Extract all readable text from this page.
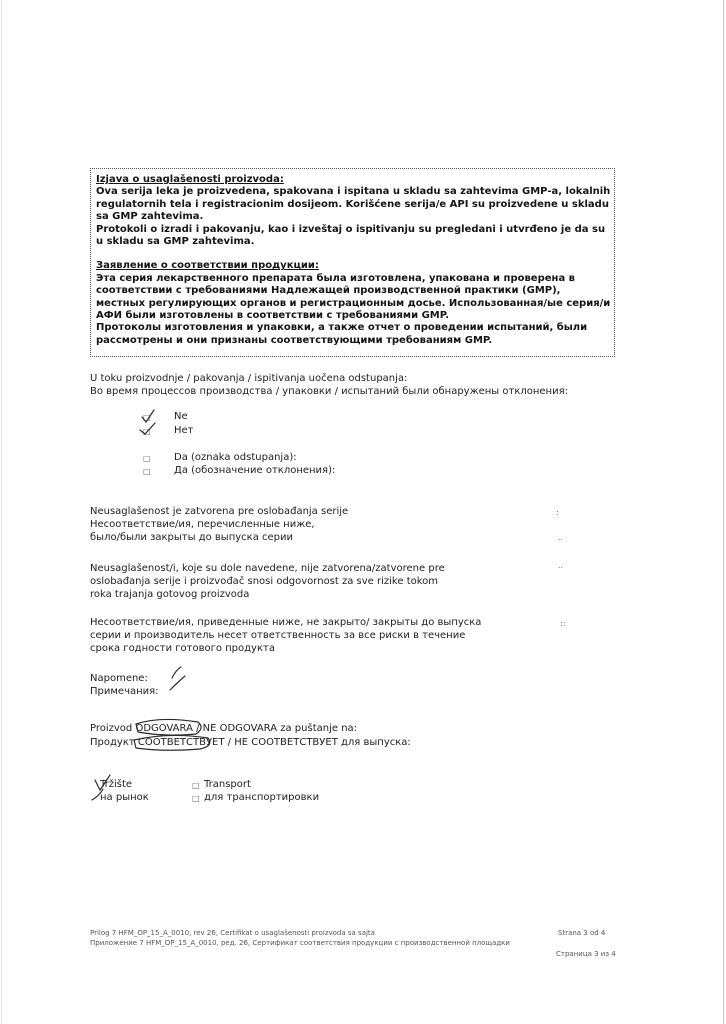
Izjava o usaglašenosti proizvoda:

Ova serija leka je proizvedena, spakovana i ispitana u skladu sa zahtevima GMP-a, lokalnih regulatornih tela i registracionim dosijeom. Korišćene serija/e API su proizvedene u skladu sa GMP zahtevima.

Protokoli o izradi i pakovanju, kao i izveštaj o ispitivanju su pregledani i utvrđeno je da su u skladu sa GMP zahtevima.

Заявление о соответствии продукции:

Эта серия лекарственного препарата была изготовлена, упакована и проверена в соответствии с требованиями Надлежащей производственной практики (GMP), местных регулирующих органов и регистрационным досье. Использованная/ые серия/и АФИ были изготовлены в соответствии с требованиями GMP.

Протоколы изготовления и упаковки, а также отчет о проведении испытаний, были рассмотрены и они признаны соответствующими требованиям GMP.

U toku proizvodnje / pakovanja / ispitivanja uočena odstupanja:
Во время процессов производства / упаковки / испытаний были обнаружены отклонения:
□ Ne
□ Нет
□ Da (oznaka odstupanja):
□ Да (обозначение отклонения):
Neusaglašenost je zatvorena pre oslobađanja serije
Несоответствие/ия, перечисленные ниже,
было/были закрыты до выпуска серии
:
..
Neusaglašenost/i, koje su dole navedene, nije zatvorena/zatvorene pre
oslobađanja serije i proizvođač snosi odgovornost za sve rizike tokom
roka trajanja gotovog proizvoda
..
Несоответствие/ия, приведенные ниже, не закрыто/ закрыты до выпуска
серии и производитель несет ответственность за все риски в течение
срока годности готового продукта
::
Napomene:
Примечания:
Proizvod ODGOVARA / NE ODGOVARA za puštanje na:
Продукт СООТВЕТСТВУЕТ / НЕ СООТВЕТСТВУЕТ для выпуска:
Tržište
на рынок
□ Transport
□ для транспортировки
Prilog 7 HFM_OP_15_A_0010, rev 26, Certifikat o usaglašenosti proizvoda sa sajta
Приложение 7 HFM_OP_15_A_0010, ред. 26, Сертификат соответствия продукции с производственной площадки
Strana 3 od 4
Страница 3 из 4
